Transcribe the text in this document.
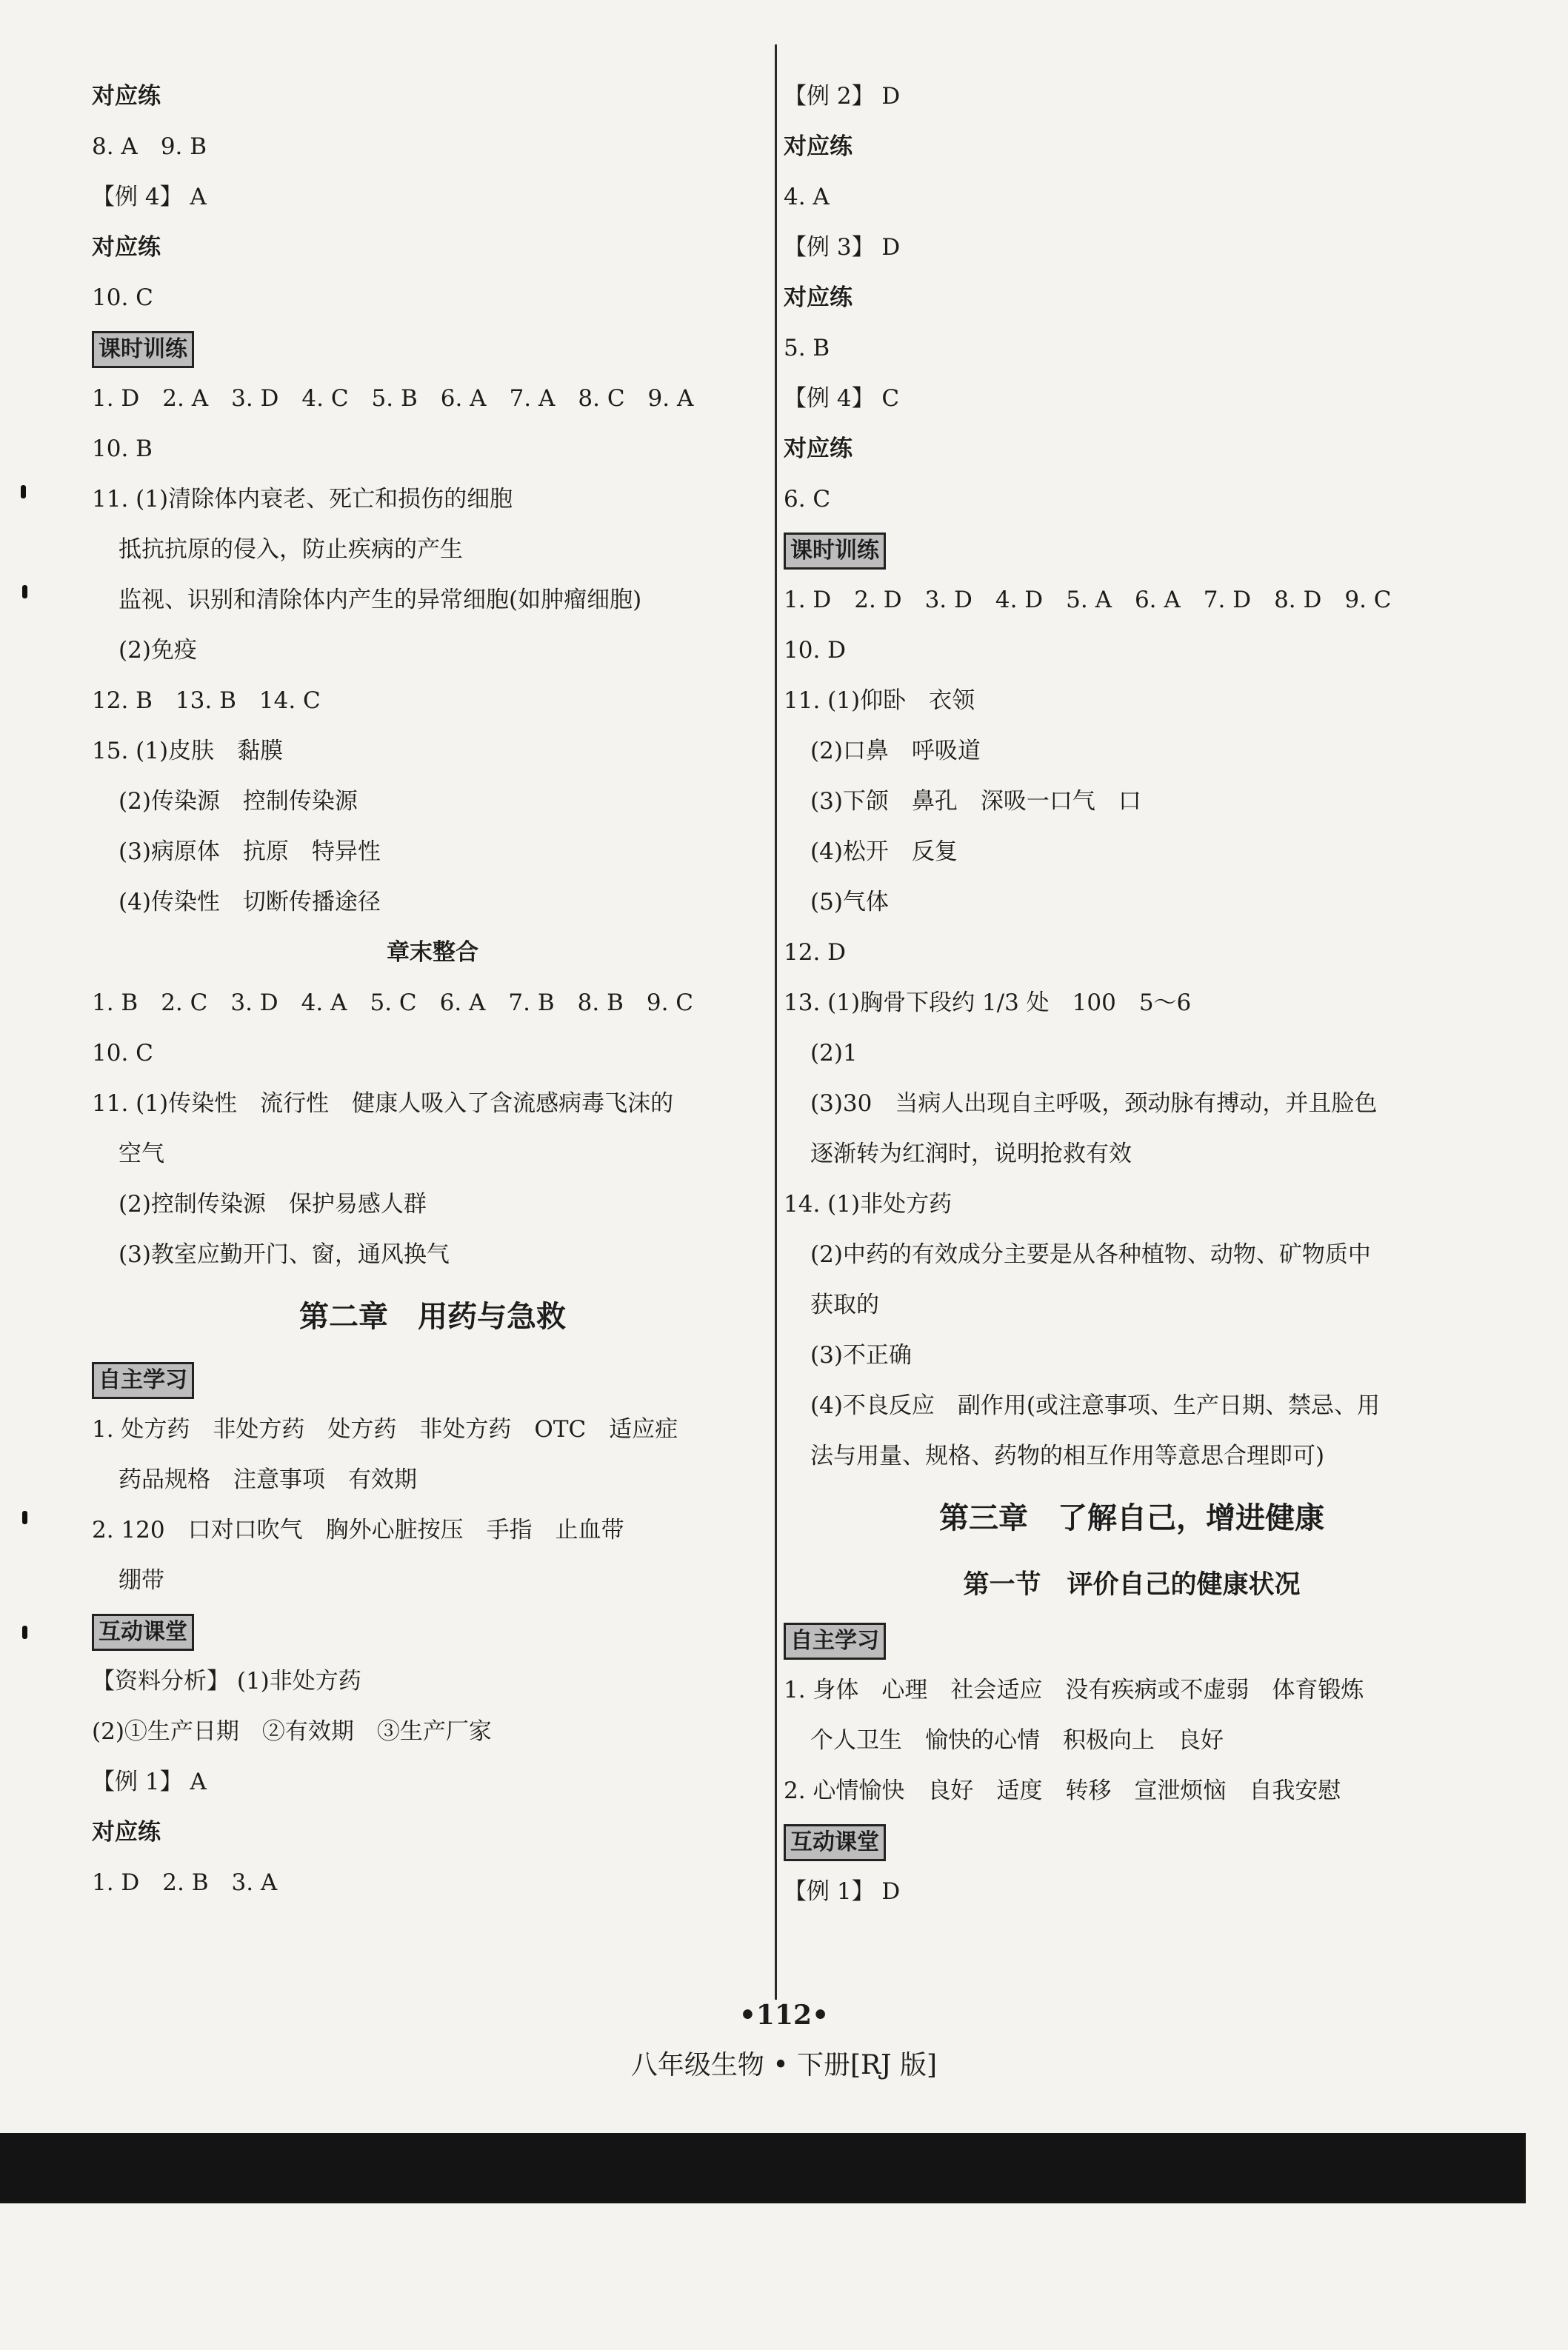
对应练
8. A　9. B
【例 4】 A
对应练
10. C
课时训练
1. D　2. A　3. D　4. C　5. B　6. A　7. A　8. C　9. A
10. B
11. (1)清除体内衰老、死亡和损伤的细胞
抵抗抗原的侵入，防止疾病的产生
监视、识别和清除体内产生的异常细胞(如肿瘤细胞)
(2)免疫
12. B　13. B　14. C
15. (1)皮肤　黏膜
(2)传染源　控制传染源
(3)病原体　抗原　特异性
(4)传染性　切断传播途径
章末整合
1. B　2. C　3. D　4. A　5. C　6. A　7. B　8. B　9. C
10. C
11. (1)传染性　流行性　健康人吸入了含流感病毒飞沫的
空气
(2)控制传染源　保护易感人群
(3)教室应勤开门、窗，通风换气
第二章　用药与急救
自主学习
1. 处方药　非处方药　处方药　非处方药　OTC　适应症
药品规格　注意事项　有效期
2. 120　口对口吹气　胸外心脏按压　手指　止血带
绷带
互动课堂
【资料分析】 (1)非处方药
(2)①生产日期　②有效期　③生产厂家
【例 1】 A
对应练
1. D　2. B　3. A
【例 2】 D
对应练
4. A
【例 3】 D
对应练
5. B
【例 4】 C
对应练
6. C
课时训练
1. D　2. D　3. D　4. D　5. A　6. A　7. D　8. D　9. C
10. D
11. (1)仰卧　衣领
(2)口鼻　呼吸道
(3)下颌　鼻孔　深吸一口气　口
(4)松开　反复
(5)气体
12. D
13. (1)胸骨下段约 1/3 处　100　5～6
(2)1
(3)30　当病人出现自主呼吸，颈动脉有搏动，并且脸色
逐渐转为红润时，说明抢救有效
14. (1)非处方药
(2)中药的有效成分主要是从各种植物、动物、矿物质中
获取的
(3)不正确
(4)不良反应　副作用(或注意事项、生产日期、禁忌、用
法与用量、规格、药物的相互作用等意思合理即可)
第三章　了解自己，增进健康
第一节　评价自己的健康状况
自主学习
1. 身体　心理　社会适应　没有疾病或不虚弱　体育锻炼
个人卫生　愉快的心情　积极向上　良好
2. 心情愉快　良好　适度　转移　宣泄烦恼　自我安慰
互动课堂
【例 1】 D
•112•
八年级生物 • 下册[RJ 版]
